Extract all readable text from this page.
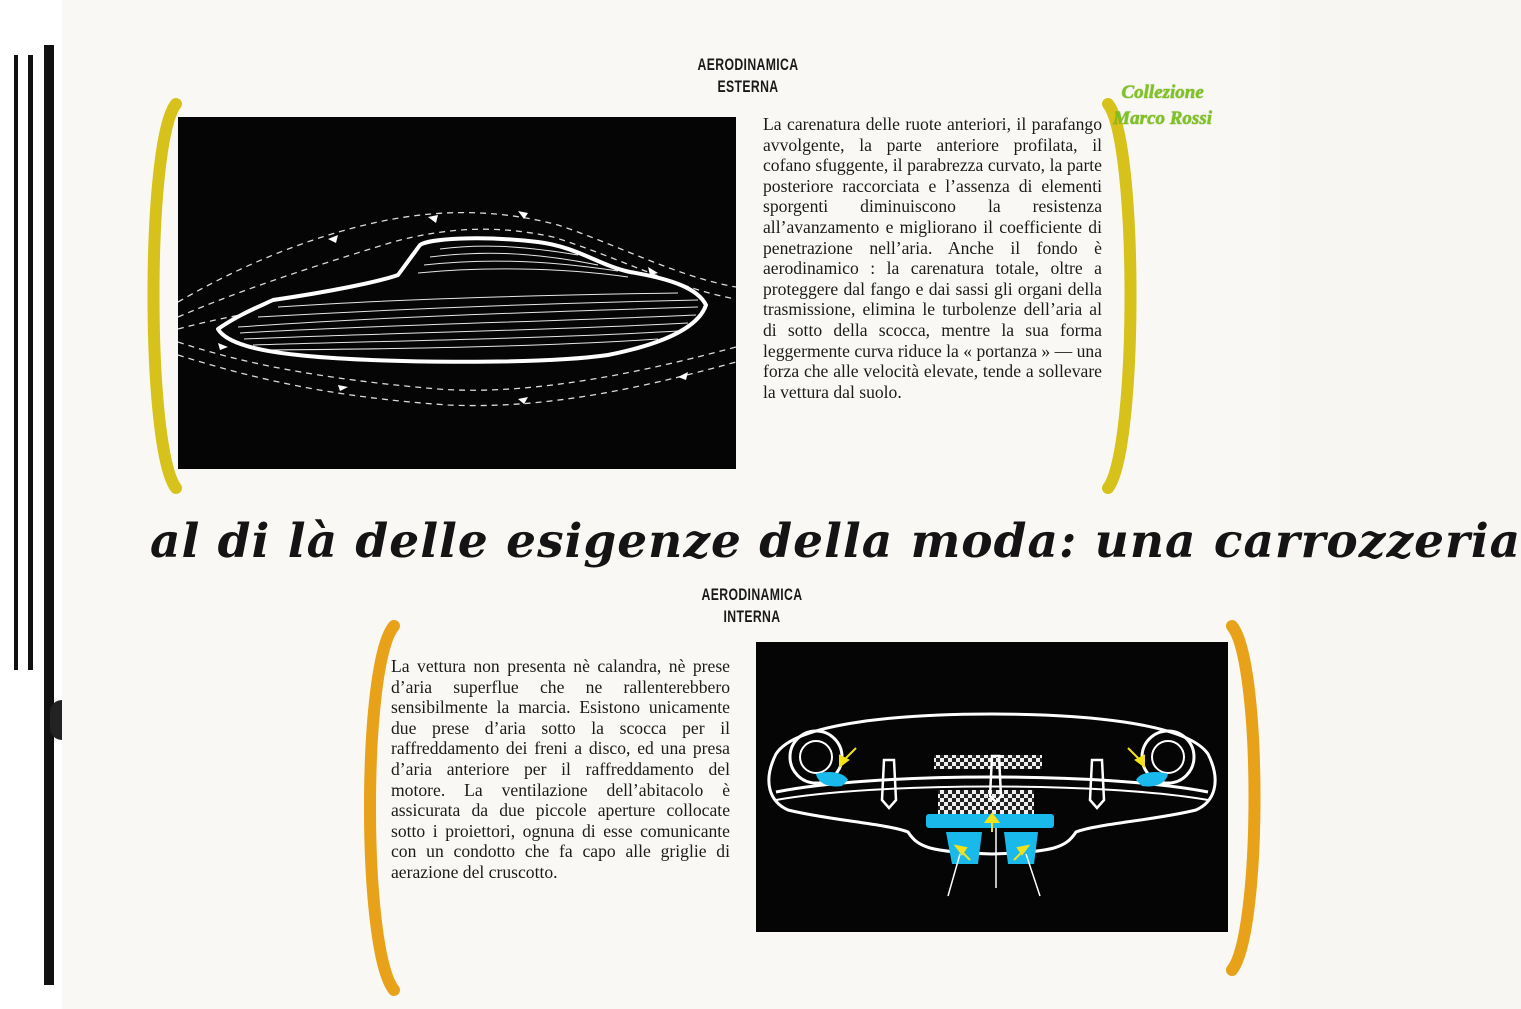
AERODINAMICA
ESTERNA
La carenatura delle ruote anteriori, il parafango avvolgente, la parte anteriore profilata, il cofano sfuggente, il parabrezza curvato, la parte posteriore raccorciata e l’assenza di elementi sporgenti diminuiscono la resistenza all’avanzamento e migliorano il coefficiente di penetrazione nell’aria. Anche il fondo è aerodinamico : la carenatura totale, oltre a proteggere dal fango e dai sassi gli organi della trasmissione, elimina le turbolenze dell’aria al di sotto della scocca, mentre la sua forma leggermente curva riduce la « portanza » — una forza che alle velocità elevate, tende a sollevare la vettura dal suolo.
Collezione
Marco Rossi
al di là delle esigenze della moda: una carrozzeria
AERODINAMICA
INTERNA
La vettura non presenta nè calandra, nè prese d’aria superflue che ne rallenterebbero sensibilmente la marcia. Esistono unicamente due prese d’aria sotto la scocca per il raffreddamento dei freni a disco, ed una presa d’aria anteriore per il raffreddamento del motore. La ventilazione dell’abitacolo è assicurata da due piccole aperture collocate sotto i proiettori, ognuna di esse comunicante con un condotto che fa capo alle griglie di aerazione del cruscotto.
